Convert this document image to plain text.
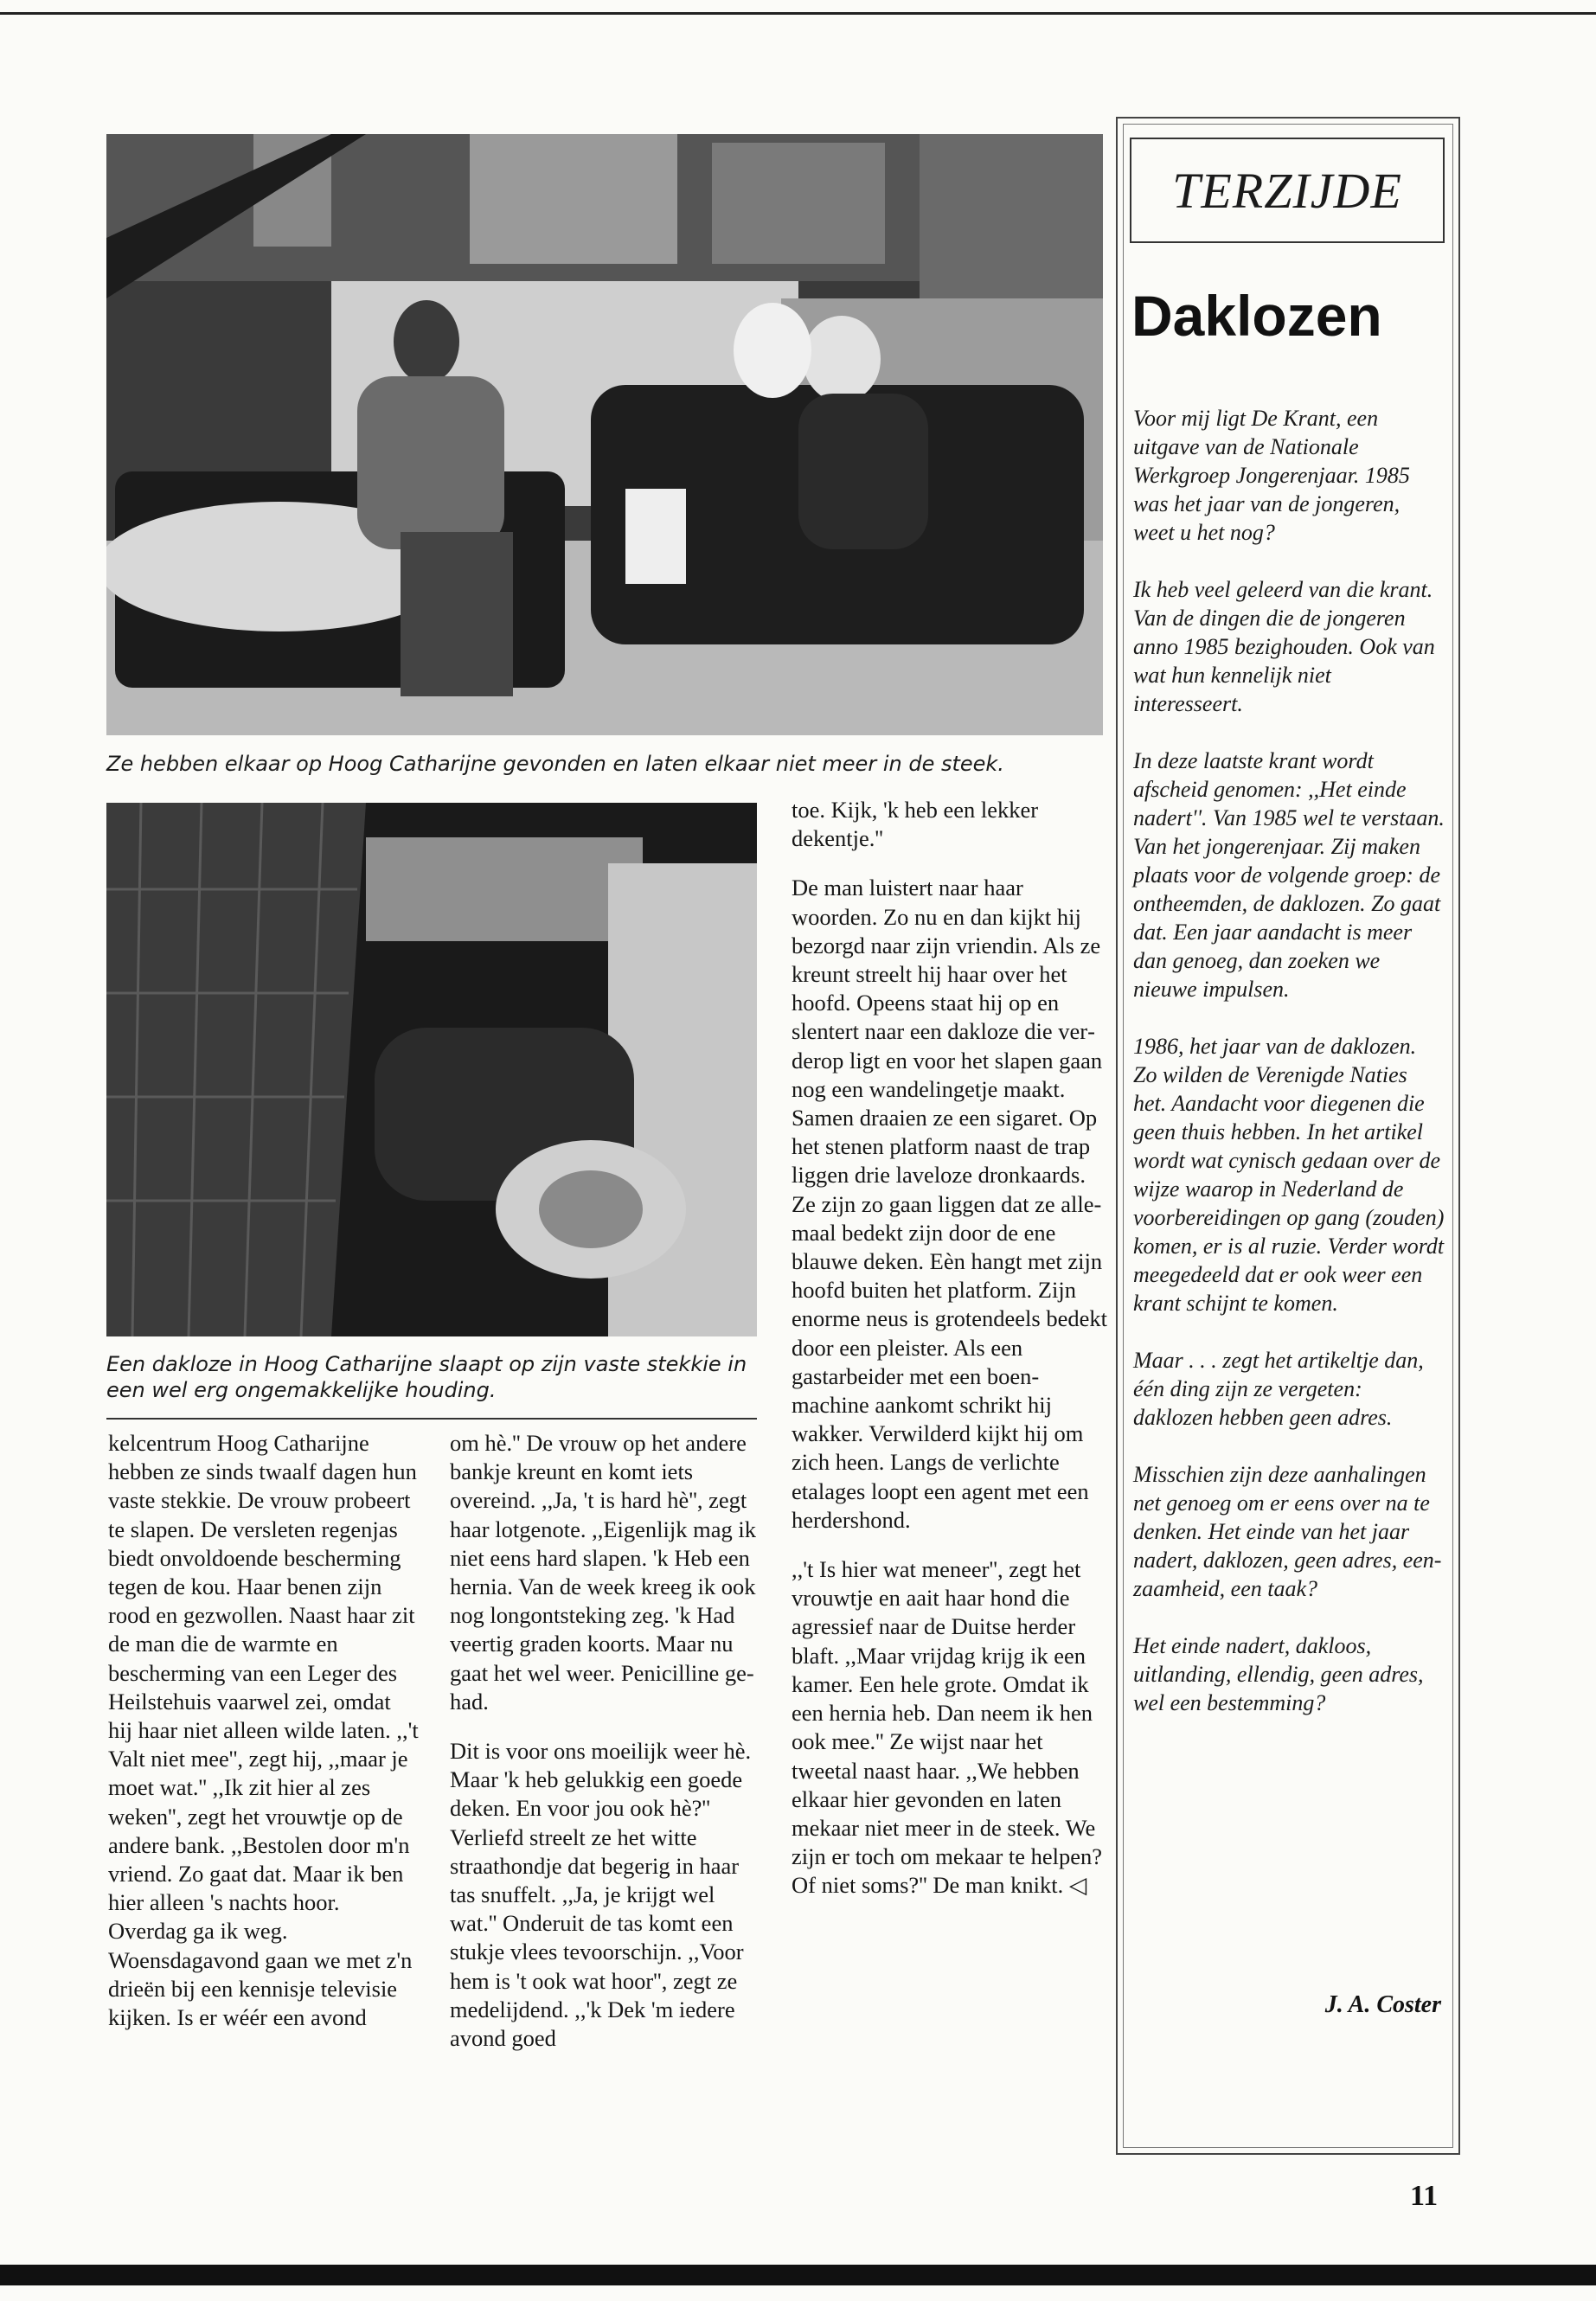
Ze hebben elkaar op Hoog Catharijne gevonden en laten elkaar niet meer in de steek.

Een dakloze in Hoog Catharijne slaapt op zijn vaste stekkie in een wel erg ongemakkelijke houding.

kelcentrum Hoog Catharijne hebben ze sinds twaalf dagen hun vaste stekkie. De vrouw probeert te slapen. De versleten regenjas biedt onvoldoende bescherming tegen de kou. Haar benen zijn rood en gezwollen. Naast haar zit de man die de warmte en bescherming van een Leger des Heilstehuis vaarwel zei, omdat hij haar niet alleen wilde laten. ,,'t Valt niet mee'', zegt hij, ,,maar je moet wat.'' ,,Ik zit hier al zes weken'', zegt het vrouwtje op de andere bank. ,,Bestolen door m'n vriend. Zo gaat dat. Maar ik ben hier alleen 's nachts hoor. Overdag ga ik weg. Woensdagavond gaan we met z'n drieën bij een kennisje televisie kijken. Is er wéér een avond

om hè.'' De vrouw op het andere bankje kreunt en komt iets overeind. ,,Ja, 't is hard hè'', zegt haar lotgenote. ,,Eigenlijk mag ik niet eens hard slapen. 'k Heb een hernia. Van de week kreeg ik ook nog longontsteking zeg. 'k Had veertig graden koorts. Maar nu gaat het wel weer. Penicilline gehad.

Dit is voor ons moeilijk weer hè. Maar 'k heb gelukkig een goede deken. En voor jou ook hè?'' Verliefd streelt ze het witte straathondje dat begerig in haar tas snuffelt. ,,Ja, je krijgt wel wat.'' Onderuit de tas komt een stukje vlees tevoorschijn. ,,Voor hem is 't ook wat hoor'', zegt ze medelijdend. ,,'k Dek 'm iedere avond goed

toe. Kijk, 'k heb een lekker dekentje.''

De man luistert naar haar woorden. Zo nu en dan kijkt hij bezorgd naar zijn vriendin. Als ze kreunt streelt hij haar over het hoofd. Opeens staat hij op en slentert naar een dakloze die verderop ligt en voor het slapen gaan nog een wandelingetje maakt. Samen draaien ze een sigaret. Op het stenen platform naast de trap liggen drie laveloze dronkaards. Ze zijn zo gaan liggen dat ze allemaal bedekt zijn door de ene blauwe deken. Eèn hangt met zijn hoofd buiten het platform. Zijn enorme neus is grotendeels bedekt door een pleister. Als een gastarbeider met een boenmachine aankomt schrikt hij wakker. Verwilderd kijkt hij om zich heen. Langs de verlichte etalages loopt een agent met een herdershond.

,,'t Is hier wat meneer'', zegt het vrouwtje en aait haar hond die agressief naar de Duitse herder blaft. ,,Maar vrijdag krijg ik een kamer. Een hele grote. Omdat ik een hernia heb. Dan neem ik hen ook mee.'' Ze wijst naar het tweetal naast haar. ,,We hebben elkaar hier gevonden en laten mekaar niet meer in de steek. We zijn er toch om mekaar te helpen? Of niet soms?'' De man knikt. ◁

TERZIJDE
Daklozen

Voor mij ligt De Krant, een uitgave van de Nationale Werkgroep Jongerenjaar. 1985 was het jaar van de jongeren, weet u het nog?

Ik heb veel geleerd van die krant. Van de dingen die de jongeren anno 1985 bezighouden. Ook van wat hun kennelijk niet interesseert.

In deze laatste krant wordt afscheid genomen: ,,Het einde nadert''. Van 1985 wel te verstaan. Van het jongerenjaar. Zij maken plaats voor de volgende groep: de ontheemden, de daklozen. Zo gaat dat. Een jaar aandacht is meer dan genoeg, dan zoeken we nieuwe impulsen.

1986, het jaar van de daklozen. Zo wilden de Verenigde Naties het. Aandacht voor diegenen die geen thuis hebben. In het artikel wordt wat cynisch gedaan over de wijze waarop in Nederland de voorbereidingen op gang (zouden) komen, er is al ruzie. Verder wordt meegedeeld dat er ook weer een krant schijnt te komen.

Maar . . . zegt het artikeltje dan, één ding zijn ze vergeten: daklozen hebben geen adres.

Misschien zijn deze aanhalingen net genoeg om er eens over na te denken. Het einde van het jaar nadert, daklozen, geen adres, eenzaamheid, een taak?

Het einde nadert, dakloos, uitlanding, ellendig, geen adres, wel een bestemming?

J. A. Coster
11
